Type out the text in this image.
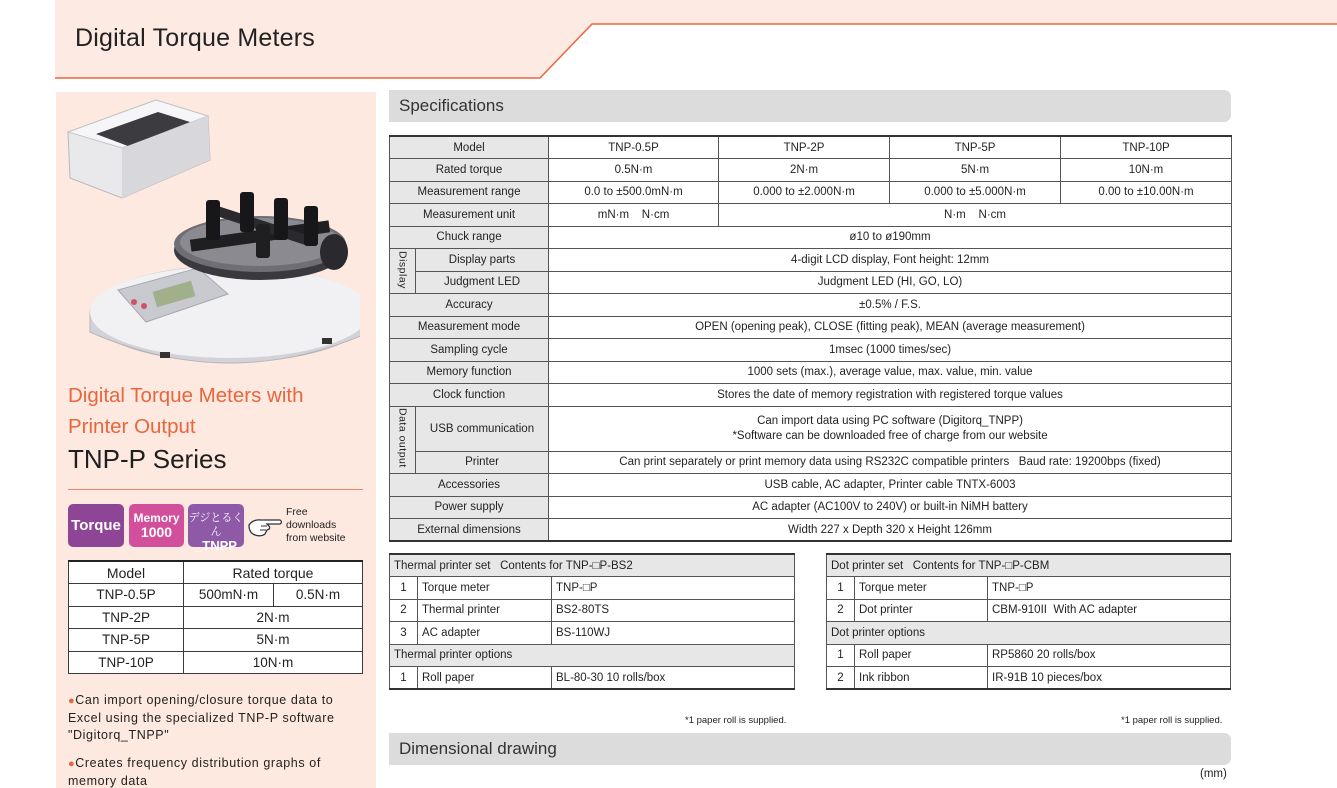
Digital Torque Meters
Digital Torque Meters with
Printer Output
TNP-P Series
Torque	Memory
1000
デジとるくん
_TNPP
Free
downloads
from website
Model	Rated torque	
TNP-0.5P	500mN·m	0.5N·m
TNP-2P	2N·m	
TNP-5P	5N·m	
TNP-10P	10N·m	
●Can import opening/closure torque data to Excel using the specialized TNP-P software "Digitorq_TNPP"
●Creates frequency distribution graphs of memory data
Specifications
Model		TNP-0.5P	TNP-2P	TNP-5P	TNP-10P
Rated torque		0.5N·m	2N·m	5N·m	10N·m
Measurement range		0.0 to ±500.0mN·m	0.000 to ±2.000N·m	0.000 to ±5.000N·m	0.00 to ±10.00N·m
Measurement unit		mN·m    N·cm	N·m    N·cm		
Chuck range		ø10 to ø190mm			
Display	Display parts	4-digit LCD display, Font height: 12mm			
	Judgment LED	Judgment LED (HI, GO, LO)			
Accuracy		±0.5% / F.S.			
Measurement mode		OPEN (opening peak), CLOSE (fitting peak), MEAN (average measurement)			
Sampling cycle		1msec (1000 times/sec)			
Memory function		1000 sets (max.), average value, max. value, min. value			
Clock function		Stores the date of memory registration with registered torque values			
Data output	USB communication	Can import data using PC software (Digitorq_TNPP)
*Software can be downloaded free of charge from our website			

	Printer	Can print separately or print memory data using RS232C compatible printers   Baud rate: 19200bps (fixed)			
Accessories		USB cable, AC adapter, Printer cable TNTX-6003			
Power supply		AC adapter (AC100V to 240V) or built-in NiMH battery			
External dimensions		Width 227 x Depth 320 x Height 126mm			
Thermal printer set   Contents for TNP-□P-BS2		
1	Torque meter	TNP-□P
2	Thermal printer	BS2-80TS
3	AC adapter	BS-110WJ
Thermal printer options		
1	Roll paper	BL-80-30 10 rolls/box
Dot printer set   Contents for TNP-□P-CBM		
1	Torque meter	TNP-□P
2	Dot printer	CBM-910II  With AC adapter
Dot printer options		
1	Roll paper	RP5860 20 rolls/box
2	Ink ribbon	IR-91B 10 pieces/box
*1 paper roll is supplied.	*1 paper roll is supplied.
Dimensional drawing
(mm)
